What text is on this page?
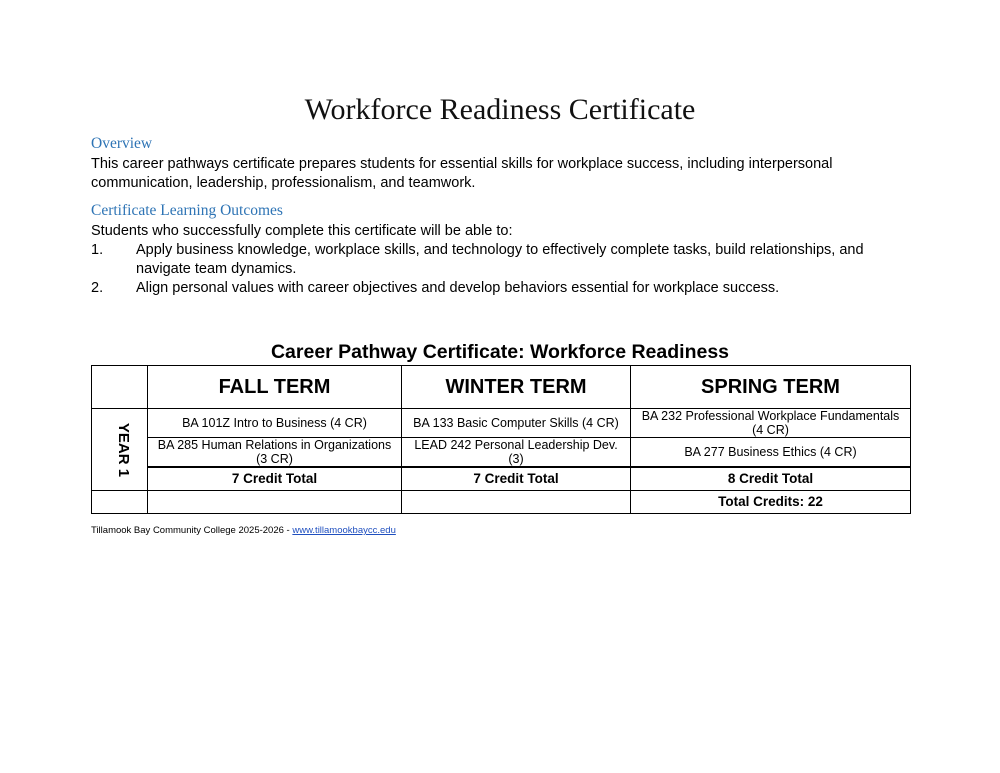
Workforce Readiness Certificate
Overview
This career pathways certificate prepares students for essential skills for workplace success, including interpersonal communication, leadership, professionalism, and teamwork.
Certificate Learning Outcomes
Students who successfully complete this certificate will be able to:
1. Apply business knowledge, workplace skills, and technology to effectively complete tasks, build relationships, and navigate team dynamics.
2. Align personal values with career objectives and develop behaviors essential for workplace success.
Career Pathway Certificate: Workforce Readiness
	FALL TERM	WINTER TERM	SPRING TERM
YEAR 1	BA 101Z Intro to Business (4 CR)	BA 133 Basic Computer Skills (4 CR)	BA 232 Professional Workplace Fundamentals (4 CR)
	BA 285 Human Relations in Organizations (3 CR)	LEAD 242 Personal Leadership Dev. (3)	BA 277 Business Ethics (4 CR)
	7 Credit Total	7 Credit Total	8 Credit Total
			Total Credits: 22
Tillamook Bay Community College 2025-2026 - www.tillamookbaycc.edu
